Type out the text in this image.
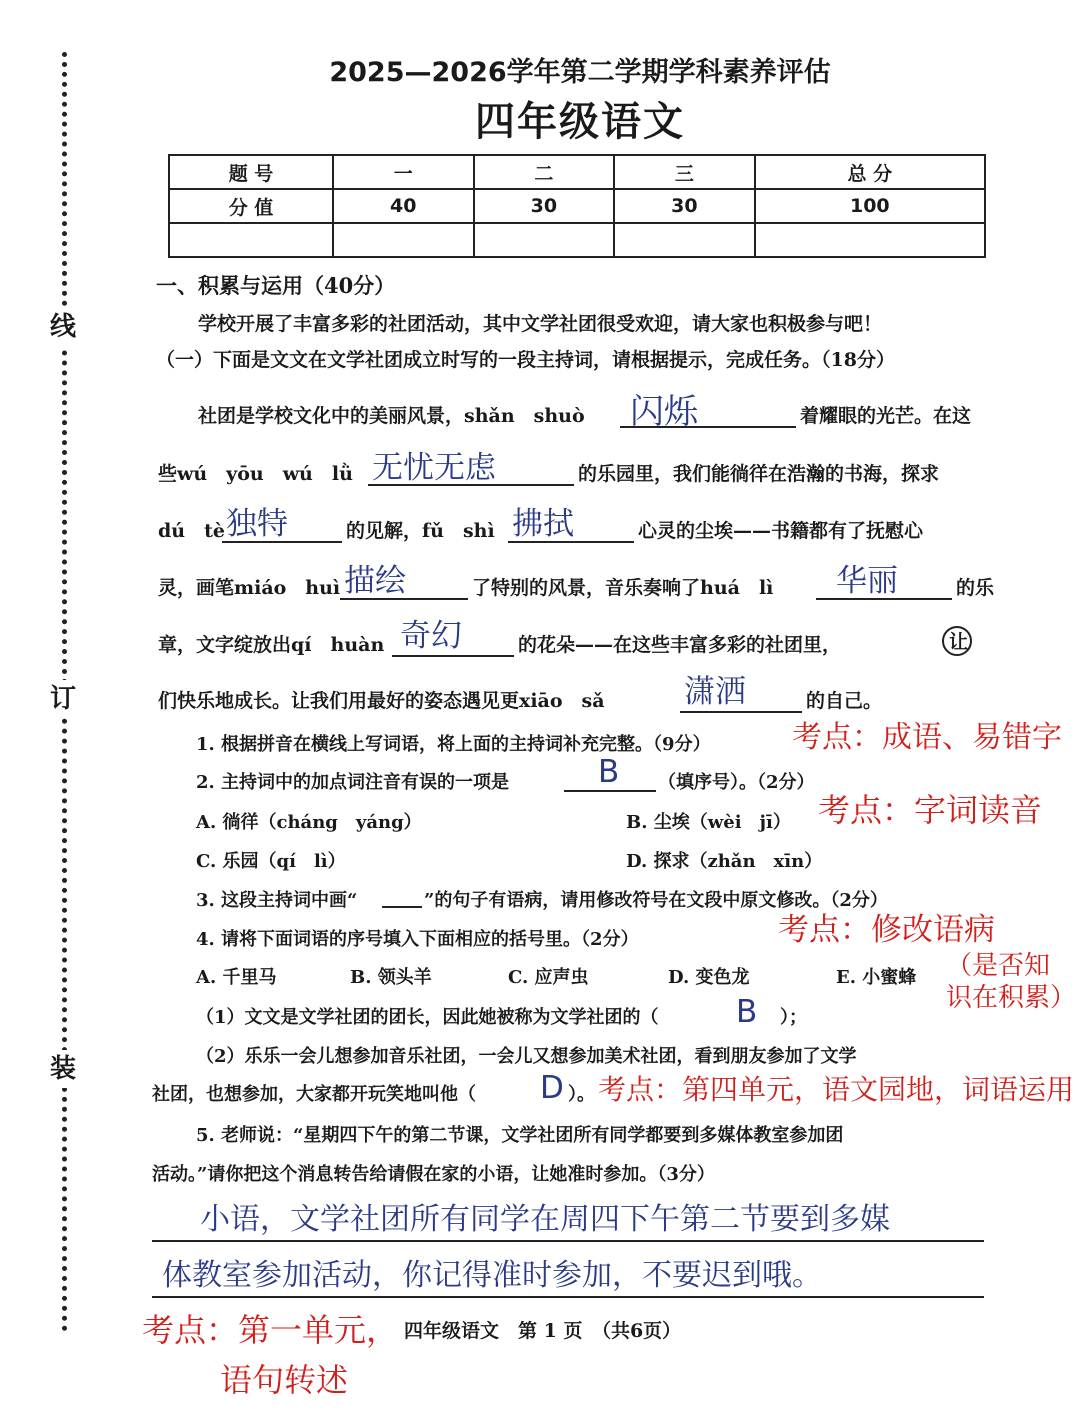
线
订
装
2025—2026学年第二学期学科素养评估
四年级语文
题 号	一	二	三	总 分
分 值	40	30	30	100

一、积累与运用（40分）
学校开展了丰富多彩的社团活动，其中文学社团很受欢迎，请大家也积极参与吧！
（一）下面是文文在文学社团成立时写的一段主持词，请根据提示，完成任务。（18分）
社团是学校文化中的美丽风景，shǎn　shuò 闪烁	着耀眼的光芒。在这
些wú　yōu　wú　lǜ 无忧无虑	的乐园里，我们能徜徉在浩瀚的书海，探求
dú　tè 独特	的见解，fǔ　shì 拂拭	心灵的尘埃——书籍都有了抚慰心
灵，画笔miáo　huì 描绘	了特别的风景，音乐奏响了huá　lì 华丽	的乐
章，文字绽放出qí　huàn 奇幻	的花朵——在这些丰富多彩的社团里，	让
们快乐地成长。让我们用最好的姿态遇见更xiāo　sǎ	潇洒	的自己。
1. 根据拼音在横线上写词语，将上面的主持词补充完整。（9分）	考点：成语、易错字
2. 主持词中的加点词注音有误的一项是	B （填序号）。（2分）
A. 徜徉（cháng　yáng）	B. 尘埃（wèi　jī） 考点：字词读音
C. 乐园（qí　lì）	D. 探求（zhǎn　xīn）
3. 这段主持词中画“	”的句子有语病，请用修改符号在文段中原文修改。（2分）
4. 请将下面词语的序号填入下面相应的括号里。（2分）	考点：修改语病
A. 千里马	B. 领头羊	C. 应声虫	D. 变色龙	E. 小蜜蜂 （是否知识在积累）
（1）文文是文学社团的团长，因此她被称为文学社团的（ B ）；
（2）乐乐一会儿想参加音乐社团，一会儿又想参加美术社团，看到朋友参加了文学
社团，也想参加，大家都开玩笑地叫他（ D ）。 考点：第四单元，语文园地，词语运用
5. 老师说：“星期四下午的第二节课，文学社团所有同学都要到多媒体教室参加团
活动。”请你把这个消息转告给请假在家的小语，让她准时参加。（3分）
小语，文学社团所有同学在周四下午第二节要到多媒
体教室参加活动，你记得准时参加，不要迟到哦。
考点：第一单元，
语句转述
四年级语文　第 1 页　（共6页）
